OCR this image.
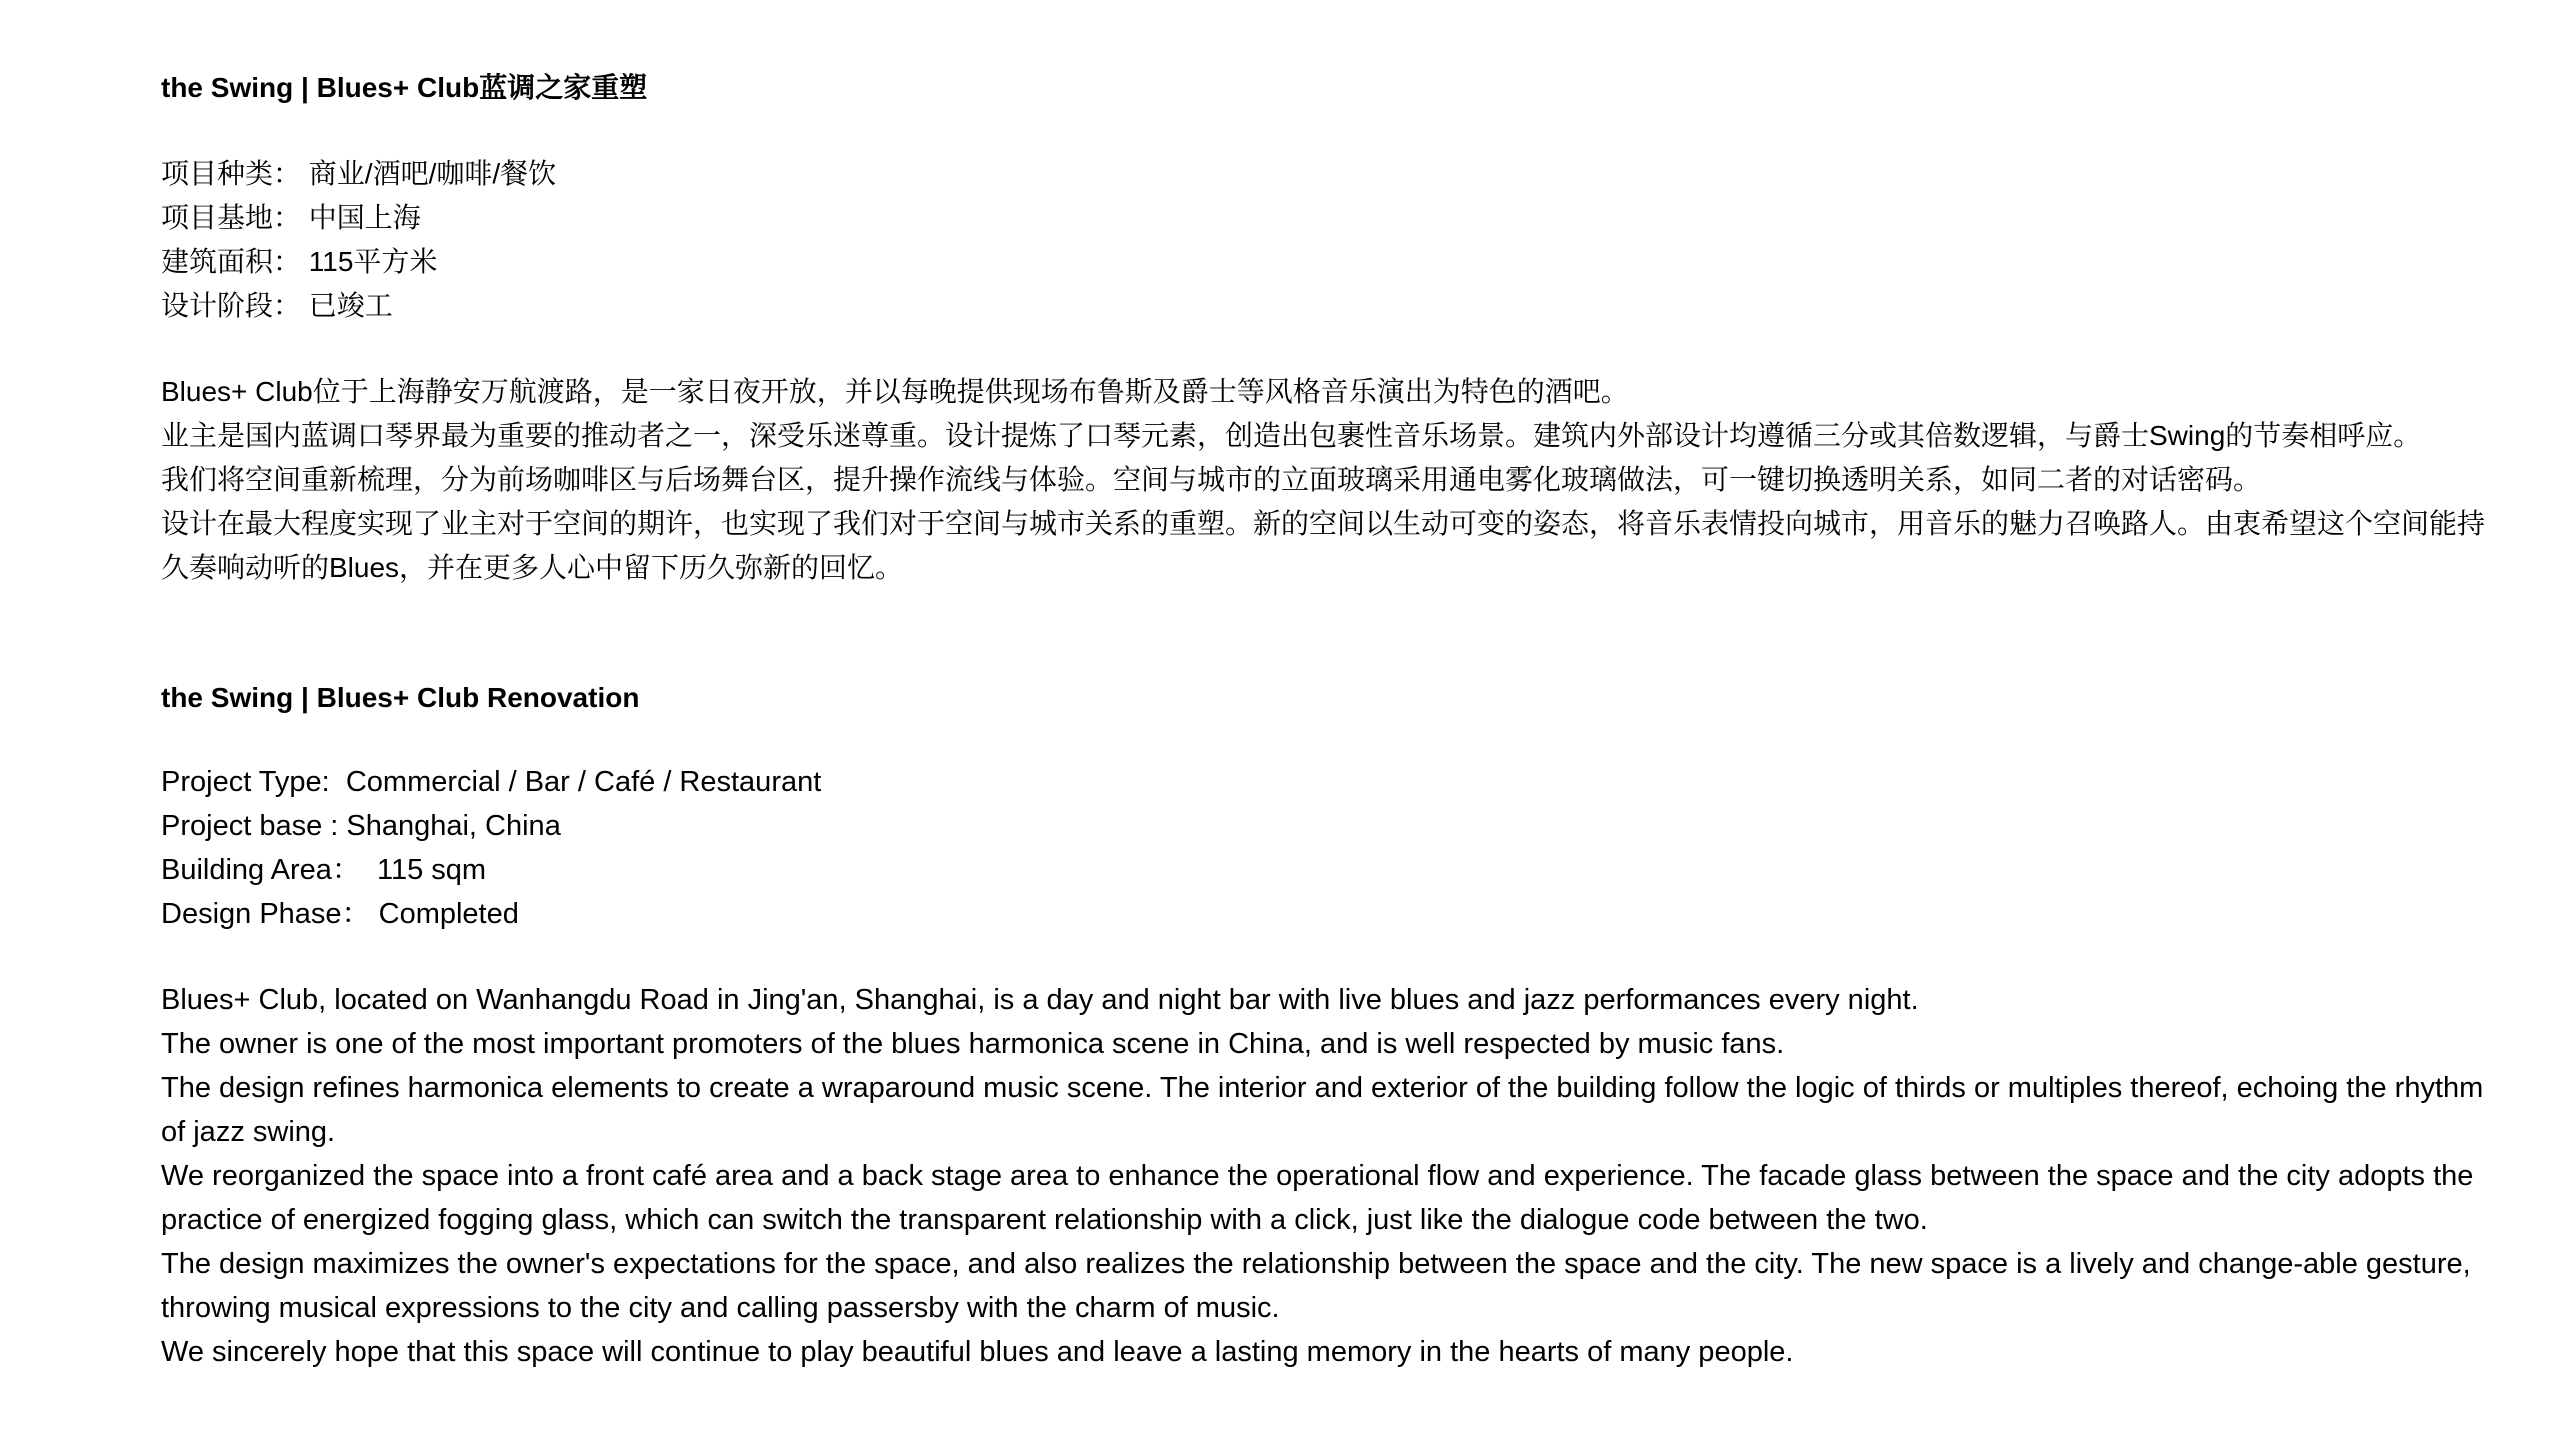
the Swing | Blues+ Club蓝调之家重塑
项目种类： 商业/酒吧/咖啡/餐饮
项目基地： 中国上海
建筑面积： 115平方米
设计阶段： 已竣工

Blues+ Club位于上海静安万航渡路，是一家日夜开放，并以每晚提供现场布鲁斯及爵士等风格音乐演出为特色的酒吧。

业主是国内蓝调口琴界最为重要的推动者之一，深受乐迷尊重。设计提炼了口琴元素，创造出包裹性音乐场景。建筑内外部设计均遵循三分或其倍数逻辑，与爵士Swing的节奏相呼应。

我们将空间重新梳理，分为前场咖啡区与后场舞台区，提升操作流线与体验。空间与城市的立面玻璃采用通电雾化玻璃做法，可一键切换透明关系，如同二者的对话密码。

设计在最大程度实现了业主对于空间的期许，也实现了我们对于空间与城市关系的重塑。新的空间以生动可变的姿态，将音乐表情投向城市，用音乐的魅力召唤路人。由衷希望这个空间能持久奏响动听的Blues，并在更多人心中留下历久弥新的回忆。

the Swing | Blues+ Club Renovation
Project Type:  Commercial / Bar / Café / Restaurant
Project base : Shanghai, China
Building Area：  115 sqm
Design Phase： Completed

Blues+ Club, located on Wanhangdu Road in Jing'an, Shanghai, is a day and night bar with live blues and jazz performances every night.

The owner is one of the most important promoters of the blues harmonica scene in China, and is well respected by music fans.

The design refines harmonica elements to create a wraparound music scene. The interior and exterior of the building follow the logic of thirds or multiples thereof, echoing the rhythm of jazz swing.

We reorganized the space into a front café area and a back stage area to enhance the operational flow and experience. The facade glass between the space and the city adopts the practice of energized fogging glass, which can switch the transparent relationship with a click, just like the dialogue code between the two.

The design maximizes the owner's expectations for the space, and also realizes the relationship between the space and the city. The new space is a lively and change-able gesture, throwing musical expressions to the city and calling passersby with the charm of music.

We sincerely hope that this space will continue to play beautiful blues and leave a lasting memory in the hearts of many people.
